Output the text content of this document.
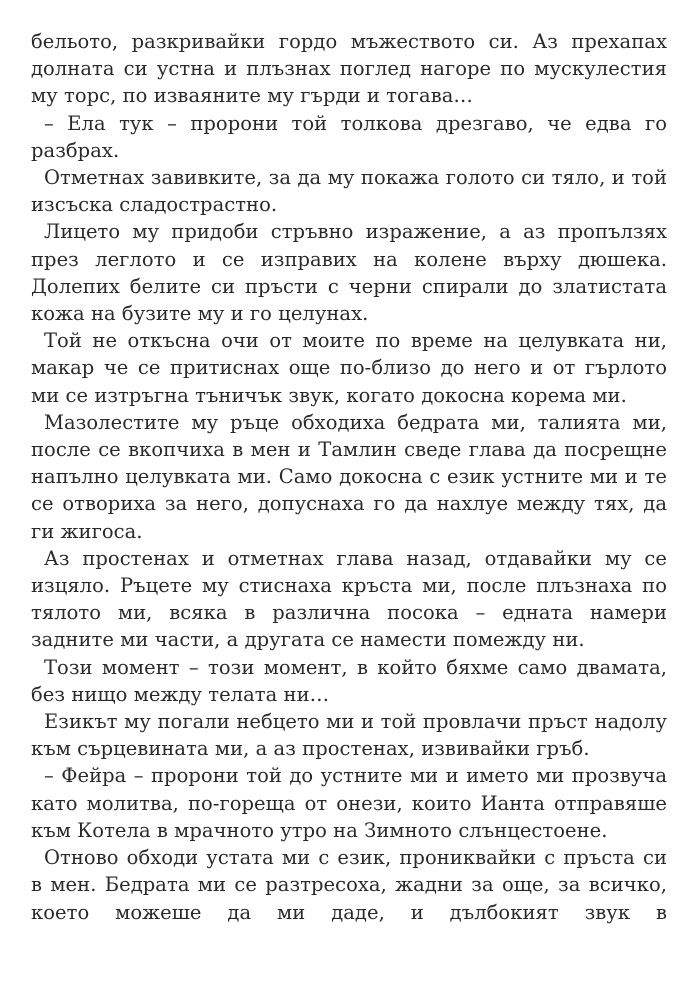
бельото, разкривайки гордо мъжеството си. Аз прехапах долната си устна и плъзнах поглед нагоре по мускулестия му торс, по изваяните му гърди и тогава…

– Ела тук – пророни той толкова дрезгаво, че едва го разбрах.

Отметнах завивките, за да му покажа голото си тяло, и той изсъска сладострастно.

Лицето му придоби стръвно изражение, а аз пропълзях през леглото и се изправих на колене върху дюшека. Долепих белите си пръсти с черни спирали до златистата кожа на бузите му и го целунах.

Той не откъсна очи от моите по време на целувката ни, макар че се притиснах още по-близо до него и от гърлото ми се изтръгна тъничък звук, когато докосна корема ми.

Мазолестите му ръце обходиха бедрата ми, талията ми, после се вкопчиха в мен и Тамлин сведе глава да посрещне напълно целувката ми. Само докосна с език устните ми и те се отвориха за него, допуснаха го да нахлуе между тях, да ги жигоса.

Аз простенах и отметнах глава назад, отдавайки му се изцяло. Ръцете му стиснаха кръста ми, после плъзнаха по тялото ми, всяка в различна посока – едната намери задните ми части, а другата се намести помежду ни.

Този момент – този момент, в който бяхме само двамата, без нищо между телата ни…

Езикът му погали небцето ми и той провлачи пръст надолу към сърцевината ми, а аз простенах, извивайки гръб.

– Фейра – пророни той до устните ми и името ми прозвуча като молитва, по-гореща от онези, които Ианта отправяше към Котела в мрачното утро на Зимното слънцестоене.

Отново обходи устата ми с език, прониквайки с пръста си в мен. Бедрата ми се разтресоха, жадни за още, за всичко, което можеше да ми даде, и дълбокият звук в
